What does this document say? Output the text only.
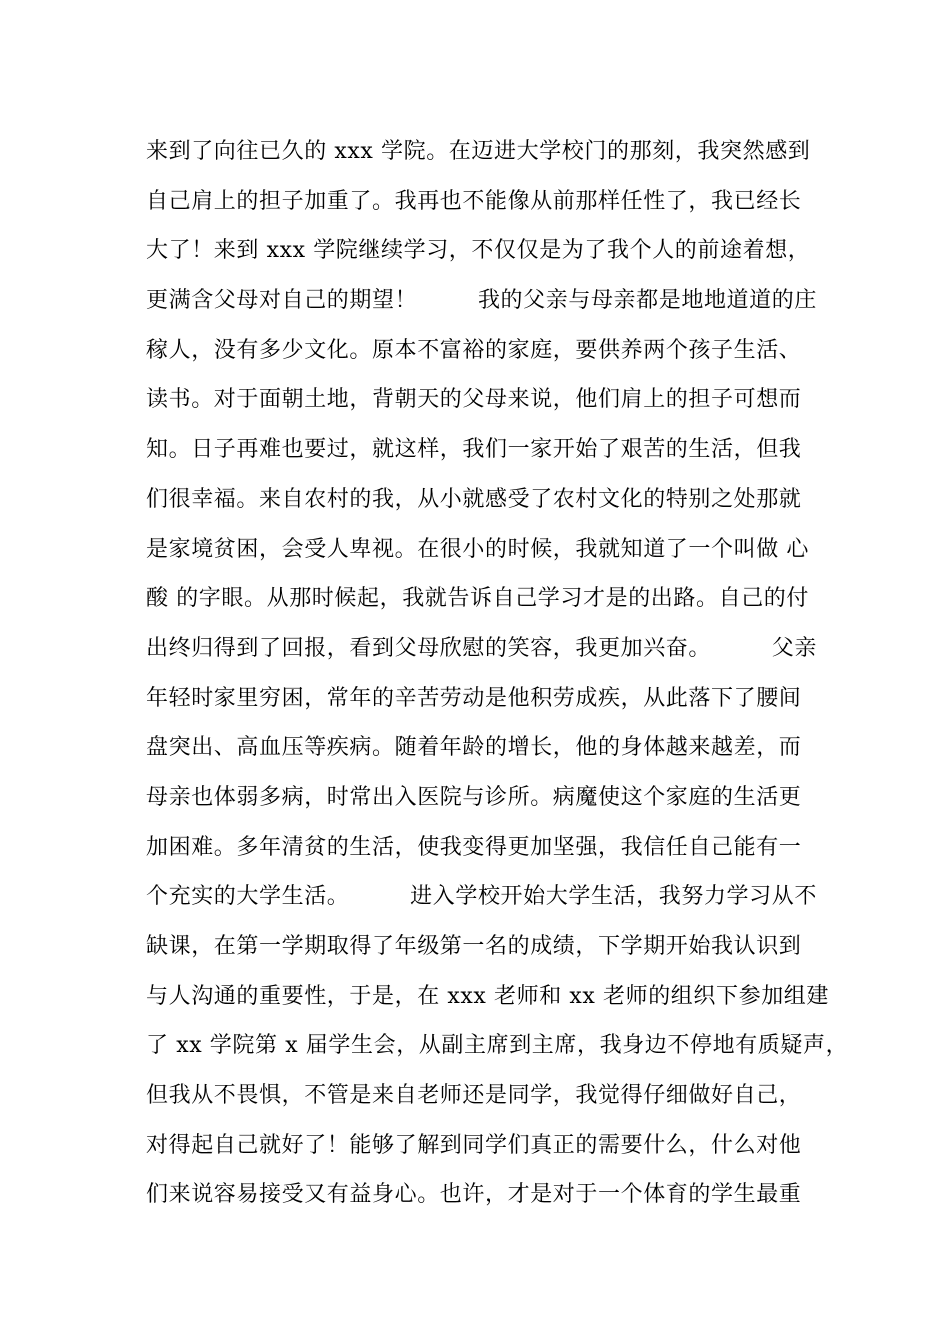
来到了向往已久的 xxx 学院。在迈进大学校门的那刻，我突然感到
自己肩上的担子加重了。我再也不能像从前那样任性了，我已经长
大了！来到 xxx 学院继续学习，不仅仅是为了我个人的前途着想，
更满含父母对自己的期望！        我的父亲与母亲都是地地道道的庄
稼人，没有多少文化。原本不富裕的家庭，要供养两个孩子生活、
读书。对于面朝土地，背朝天的父母来说，他们肩上的担子可想而
知。日子再难也要过，就这样，我们一家开始了艰苦的生活，但我
们很幸福。来自农村的我，从小就感受了农村文化的特别之处那就
是家境贫困，会受人卑视。在很小的时候，我就知道了一个叫做 心
酸 的字眼。从那时候起，我就告诉自己学习才是的出路。自己的付
出终归得到了回报，看到父母欣慰的笑容，我更加兴奋。        父亲
年轻时家里穷困，常年的辛苦劳动是他积劳成疾，从此落下了腰间
盘突出、高血压等疾病。随着年龄的增长，他的身体越来越差，而
母亲也体弱多病，时常出入医院与诊所。病魔使这个家庭的生活更
加困难。多年清贫的生活，使我变得更加坚强，我信任自己能有一
个充实的大学生活。        进入学校开始大学生活，我努力学习从不
缺课，在第一学期取得了年级第一名的成绩，下学期开始我认识到
与人沟通的重要性，于是，在 xxx 老师和 xx 老师的组织下参加组建
了 xx 学院第 x 届学生会，从副主席到主席，我身边不停地有质疑声，
但我从不畏惧，不管是来自老师还是同学，我觉得仔细做好自己，
对得起自己就好了！能够了解到同学们真正的需要什么，什么对他
们来说容易接受又有益身心。也许，才是对于一个体育的学生最重
